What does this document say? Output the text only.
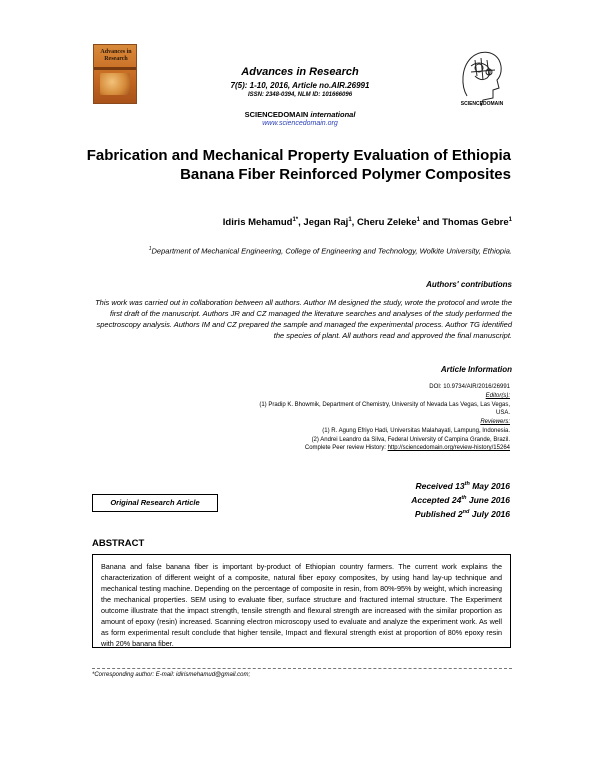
Advances in
Research
Advances in Research
7(5): 1-10, 2016, Article no.AIR.26991
ISSN: 2348-0394, NLM ID: 101666096
SCIENCEDOMAIN international
www.sciencedomain.org
SCIENCEDOMAIN
Fabrication and Mechanical Property Evaluation of Ethiopia Banana Fiber Reinforced Polymer Composites
Idiris Mehamud$^{1*}$, Jegan Raj$^1$, Cheru Zeleke$^1$ and Thomas Gebre$^1$
$^1$Department of Mechanical Engineering, College of Engineering and Technology, Wolkite University, Ethiopia.
Authors' contributions
This work was carried out in collaboration between all authors. Author IM designed the study, wrote the protocol and wrote the first draft of the manuscript. Authors JR and CZ managed the literature searches and analyses of the study performed the spectroscopy analysis. Authors IM and CZ prepared the sample and managed the experimental process. Author TG identified the species of plant. All authors read and approved the final manuscript.
Article Information
DOI: 10.9734/AIR/2016/26991
Editor(s):
(1) Pradip K. Bhowmik, Department of Chemistry, University of Nevada Las Vegas, Las Vegas,
USA.
Reviewers:
(1) R. Agung Efriyo Hadi, Universitas Malahayati, Lampung, Indonesia.
(2) Andrei Leandro da Silva, Federal University of Campina Grande, Brazil.
Complete Peer review History: http://sciencedomain.org/review-history/15264
Original Research Article
Received 13th May 2016
Accepted 24th June 2016
Published 2nd July 2016
ABSTRACT
Banana and false banana fiber is important by-product of Ethiopian country farmers. The current work explains the characterization of different weight of a composite, natural fiber epoxy composites, by using hand lay-up technique and mechanical testing machine. Depending on the percentage of composite in resin, from 80%-95% by weight, which increasing the mechanical properties. SEM using to evaluate fiber, surface structure and fractured internal structure. The Experiment outcome illustrate that the impact strength, tensile strength and flexural strength are increased with the similar proportion as amount of epoxy (resin) increased. Scanning electron microscopy used to evaluate and analyze the experiment work. As well as form experimental result conclude that higher tensile, Impact and flexural strength exist at proportion of 80% epoxy resin with 20% banana fiber.
*Corresponding author: E-mail: idirismehamud@gmail.com;
